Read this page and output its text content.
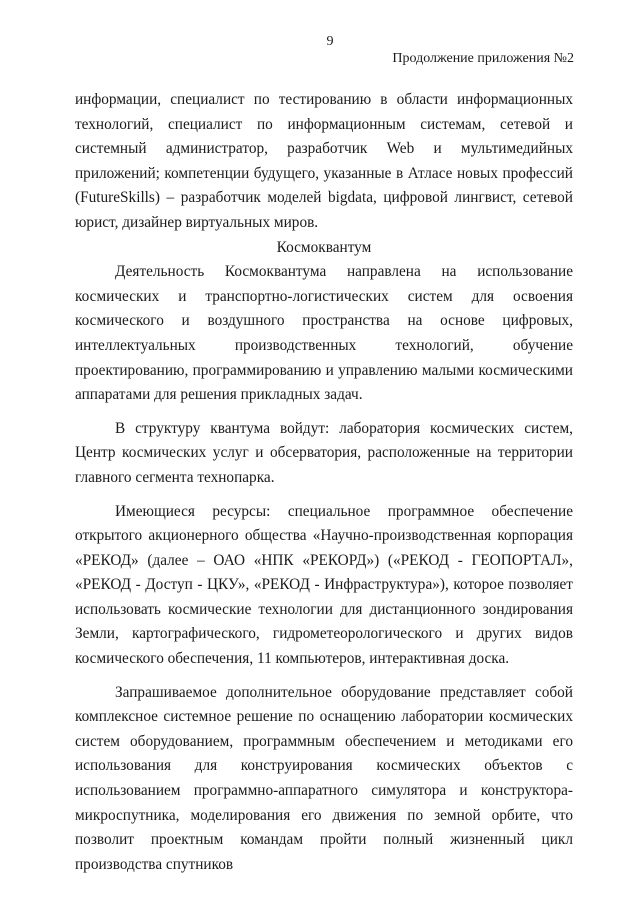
9
Продолжение приложения №2

информации, специалист по тестированию в области информационных технологий, специалист по информационным системам, сетевой и системный администратор, разработчик Web и мультимедийных приложений; компетенции будущего, указанные в Атласе новых профессий (FutureSkills) – разработчик моделей bigdata, цифровой лингвист, сетевой юрист, дизайнер виртуальных миров.

Космоквантум

Деятельность Космоквантума направлена на использование космических и транспортно-логистических систем для освоения космического и воздушного пространства на основе цифровых, интеллектуальных производственных технологий, обучение проектированию, программированию и управлению малыми космическими аппаратами для решения прикладных задач.

В структуру квантума войдут: лаборатория космических систем, Центр космических услуг и обсерватория, расположенные на территории главного сегмента технопарка.

Имеющиеся ресурсы: специальное программное обеспечение открытого акционерного общества «Научно-производственная корпорация «РЕКОД» (далее – ОАО «НПК «РЕКОРД») («РЕКОД - ГЕОПОРТАЛ», «РЕКОД - Доступ - ЦКУ», «РЕКОД - Инфраструктура»), которое позволяет использовать космические технологии для дистанционного зондирования Земли, картографического, гидрометеорологического и других видов космического обеспечения, 11 компьютеров, интерактивная доска.

Запрашиваемое дополнительное оборудование представляет собой комплексное системное решение по оснащению лаборатории космических систем оборудованием, программным обеспечением и методиками его использования для конструирования космических объектов с использованием программно-аппаратного симулятора и конструктора-микроспутника, моделирования его движения по земной орбите, что позволит проектным командам пройти полный жизненный цикл производства спутников
